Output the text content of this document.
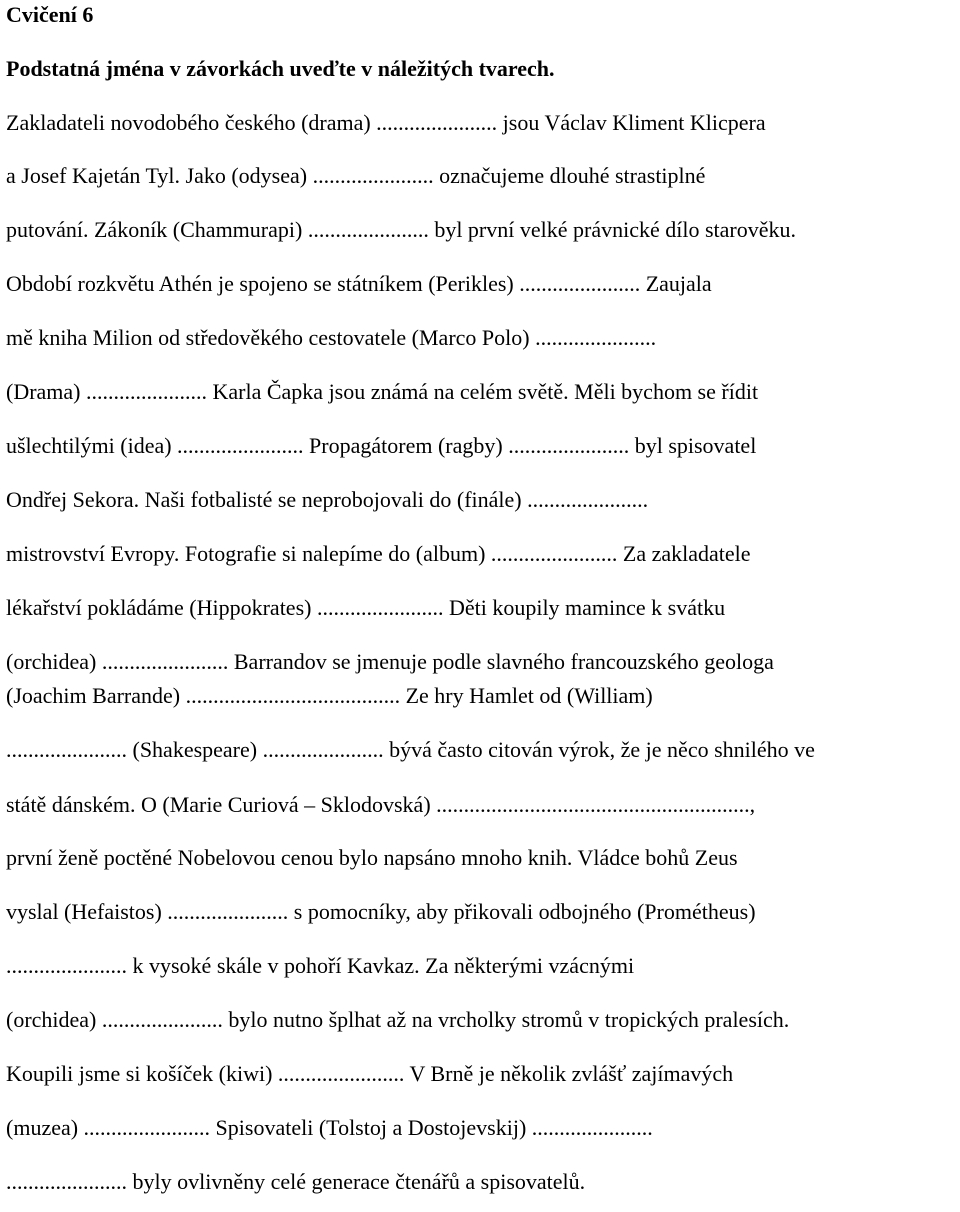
Cvičení 6
Podstatná jména v závorkách uveďte v náležitých tvarech.

Zakladateli novodobého českého (drama) ...................... jsou Václav Kliment Klicpera

a Josef Kajetán Tyl. Jako (odysea) ...................... označujeme dlouhé strastiplné

putování. Zákoník (Chammurapi) ...................... byl první velké právnické dílo starověku.

Období rozkvětu Athén je spojeno se státníkem (Perikles) ...................... Zaujala

mě kniha Milion od středověkého cestovatele (Marco Polo) ......................

(Drama) ...................... Karla Čapka jsou známá na celém světě. Měli bychom se řídit

ušlechtilými (idea) ....................... Propagátorem (ragby) ...................... byl spisovatel

Ondřej Sekora. Naši fotbalisté se neprobojovali do (finále) ......................

mistrovství Evropy. Fotografie si nalepíme do (album) ....................... Za zakladatele

lékařství pokládáme (Hippokrates) ....................... Děti koupily mamince k svátku

(orchidea) ....................... Barrandov se jmenuje podle slavného francouzského geologa

(Joachim Barrande) ....................................... Ze hry Hamlet od (William)

...................... (Shakespeare) ...................... bývá často citován výrok, že je něco shnilého ve

státě dánském. O (Marie Curiová – Sklodovská) .........................................................,

první ženě poctěné Nobelovou cenou bylo napsáno mnoho knih. Vládce bohů Zeus

vyslal (Hefaistos) ...................... s pomocníky, aby přikovali odbojného (Prométheus)

...................... k vysoké skále v pohoří Kavkaz. Za některými vzácnými

(orchidea) ...................... bylo nutno šplhat až na vrcholky stromů v tropických pralesích.

Koupili jsme si košíček (kiwi) ....................... V Brně je několik zvlášť zajímavých

(muzea) ....................... Spisovateli (Tolstoj a Dostojevskij) ......................

...................... byly ovlivněny celé generace čtenářů a spisovatelů.
